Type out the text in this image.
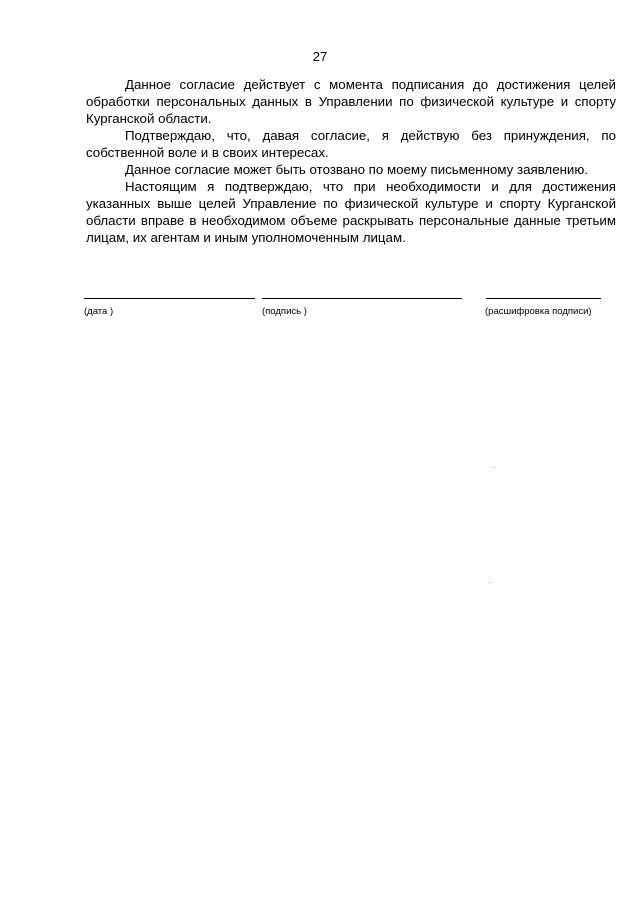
27

Данное согласие действует с момента подписания до достижения целей обработки персональных данных в Управлении по физической культуре и спорту Курганской области.

Подтверждаю, что, давая согласие, я действую без принуждения, по собственной воле и в своих интересах.

Данное согласие может быть отозвано по моему письменному заявлению.

Настоящим я подтверждаю, что при необходимости и для достижения указанных выше целей Управление по физической культуре и спорту Курганской области вправе в необходимом объеме раскрывать персональные данные третьим лицам, их агентам и иным уполномоченным лицам.

(дата )	(подпись )	(расшифровка подписи)
